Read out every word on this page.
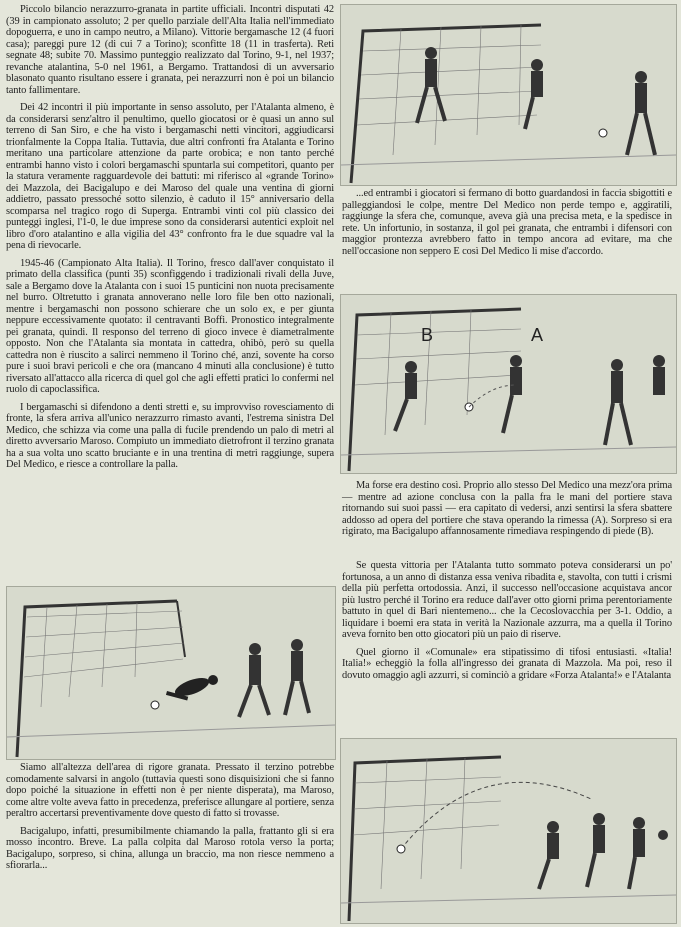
Piccolo bilancio nerazzurro-granata in partite ufficiali. Incontri disputati 42 (39 in campionato assoluto; 2 per quello parziale dell'Alta Italia nell'immediato dopoguerra, e uno in campo neutro, a Milano). Vittorie bergamasche 12 (4 fuori casa); pareggi pure 12 (di cui 7 a Torino); sconfitte 18 (11 in trasferta). Reti segnate 48; subite 70. Massimo punteggio realizzato dal Torino, 9-1, nel 1937; revanche atalantina, 5-0 nel 1961, a Bergamo. Trattandosi di un avversario blasonato quanto risultano essere i granata, pei nerazzurri non è poi un bilancio tanto fallimentare.

Dei 42 incontri il più importante in senso assoluto, per l'Atalanta almeno, è da considerarsi senz'altro il penultimo, quello giocatosi or è quasi un anno sul terreno di San Siro, e che ha visto i bergamaschi netti vincitori, aggiudicarsi trionfalmente la Coppa Italia. Tuttavia, due altri confronti fra Atalanta e Torino meritano una particolare attenzione da parte orobica; e non tanto perché entrambi hanno visto i colori bergamaschi spuntarla sui competitori, quanto per la statura veramente ragguardevole dei battuti: mi riferisco al «grande Torino» dei Mazzola, dei Bacigalupo e dei Maroso del quale una ventina di giorni addietro, passato pressoché sotto silenzio, è caduto il 15° anniversario della scomparsa nel tragico rogo di Superga. Entrambi vinti col più classico dei punteggi inglesi, l'1-0, le due imprese sono da considerarsi autentici exploit nel libro d'oro atalantino e alla vigilia del 43° confronto fra le due squadre val la pena di rievocarle.

1945-46 (Campionato Alta Italia). Il Torino, fresco dall'aver conquistato il primato della classifica (punti 35) sconfiggendo i tradizionali rivali della Juve, sale a Bergamo dove la Atalanta con i suoi 15 punticini non nuota precisamente nel burro. Oltretutto i granata annoverano nelle loro file ben otto nazionali, mentre i bergamaschi non possono schierare che un solo ex, e per giunta neppure eccessivamente quotato: il centravanti Boffi. Pronostico integralmente pei granata, quindi. Il responso del terreno di gioco invece è diametralmente opposto. Non che l'Atalanta sia montata in cattedra, ohibò, però su quella cattedra non è riuscito a salirci nemmeno il Torino ché, anzi, sovente ha corso pure i suoi bravi pericoli e che ora (mancano 4 minuti alla conclusione) è tutto riversato all'attacco alla ricerca di quel gol che agli effetti pratici lo confermi nel ruolo di capoclassifica.

I bergamaschi si difendono a denti stretti e, su improvviso rovesciamento di fronte, la sfera arriva all'unico nerazzurro rimasto avanti, l'estrema sinistra Del Medico, che schizza via come una palla di fucile prendendo un palo di metri al diretto avversario Maroso. Compiuto un immediato dietrofront il terzino granata ha a sua volta uno scatto bruciante e in una trentina di metri raggiunge, supera Del Medico, e riesce a controllare la palla.

Siamo all'altezza dell'area di rigore granata. Pressato il terzino potrebbe comodamente salvarsi in angolo (tuttavia questi sono disquisizioni che si fanno dopo poiché la situazione in effetti non è per niente disperata), ma Maroso, come altre volte aveva fatto in precedenza, preferisce allungare al portiere, senza peraltro accertarsi preventivamente dove questo di fatto si trovasse.

Bacigalupo, infatti, presumibilmente chiamando la palla, frattanto gli si era mosso incontro. Breve. La palla colpita dal Maroso rotola verso la porta; Bacigalupo, sorpreso, si china, allunga un braccio, ma non riesce nemmeno a sfiorarla...

...ed entrambi i giocatori si fermano di botto guardandosi in faccia sbigottiti e palleggiandosi le colpe, mentre Del Medico non perde tempo e, aggiratili, raggiunge la sfera che, comunque, aveva già una precisa meta, e la spedisce in rete. Un infortunio, in sostanza, il gol pei granata, che entrambi i difensori con maggior prontezza avrebbero fatto in tempo ancora ad evitare, ma che nell'occasione non seppero E così Del Medico li mise d'accordo.
B	A
Ma forse era destino così. Proprio allo stesso Del Medico una mezz'ora prima — mentre ad azione conclusa con la palla fra le mani del portiere stava ritornando sui suoi passi — era capitato di vedersi, anzi sentirsi la sfera sbattere addosso ad opera del portiere che stava operando la rimessa (A). Sorpreso si era rigirato, ma Bacigalupo affannosamente rimediava respingendo di piede (B).

Se questa vittoria per l'Atalanta tutto sommato poteva considerarsi un po' fortunosa, a un anno di distanza essa veniva ribadita e, stavolta, con tutti i crismi della più perfetta ortodossia. Anzi, il successo nell'occasione acquistava ancor più lustro perché il Torino era reduce dall'aver otto giorni prima perentoriamente battuto in quel di Bari nientemeno... che la Cecoslovacchia per 3-1. Oddio, a liquidare i boemi era stata in verità la Nazionale azzurra, ma a quella il Torino aveva fornito ben otto giocatori più un paio di riserve.

Quel giorno il «Comunale» era stipatissimo di tifosi entusiasti. «Italia! Italia!» echeggiò la folla all'ingresso dei granata di Mazzola. Ma poi, reso il dovuto omaggio agli azzurri, si cominciò a gridare «Forza Atalanta!» e l'Atalanta
